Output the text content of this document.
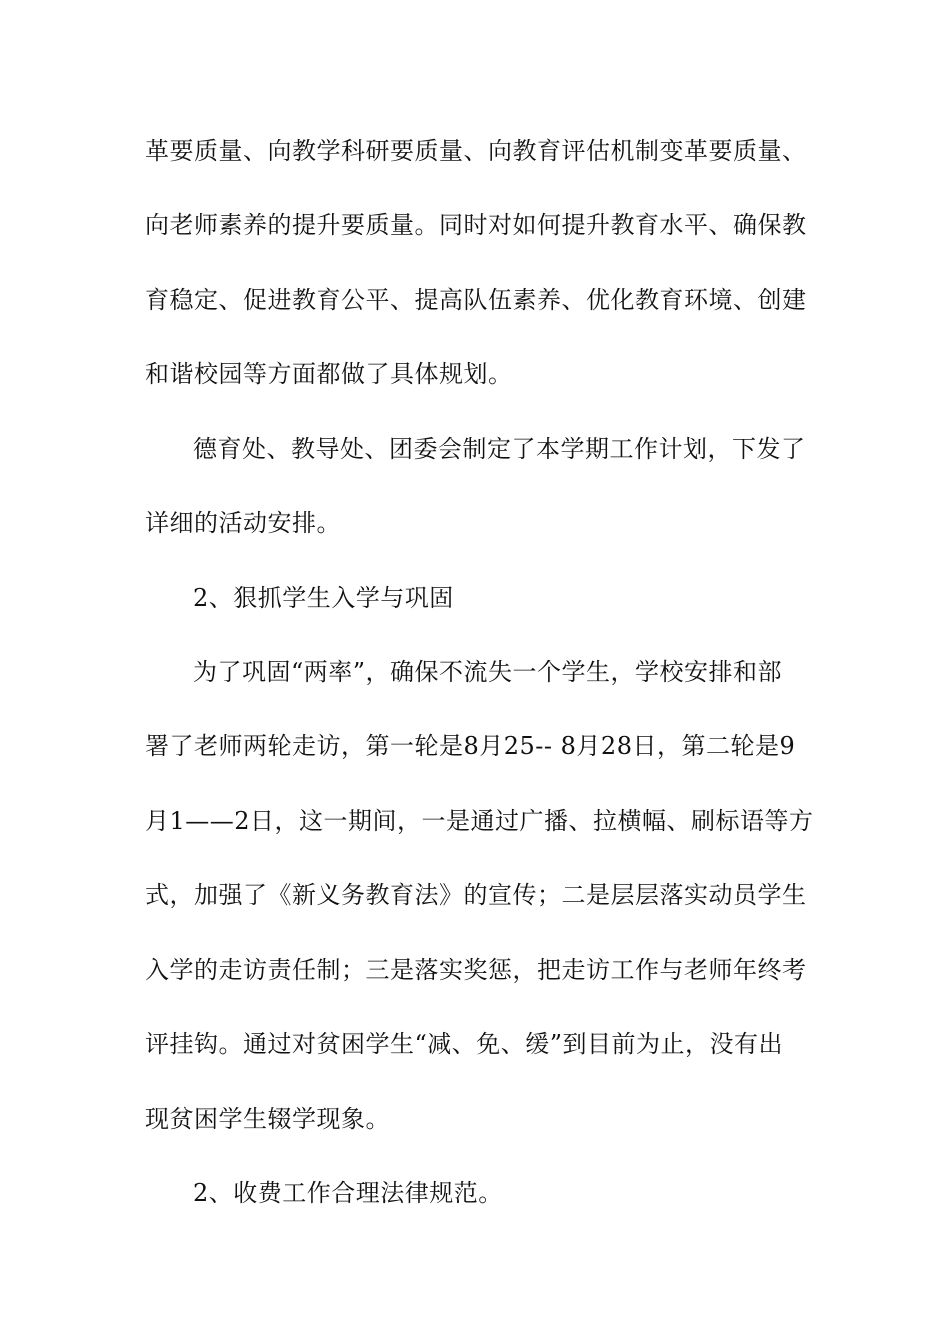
革要质量、向教学科研要质量、向教育评估机制变革要质量、
向老师素养的提升要质量。同时对如何提升教育水平、确保教
育稳定、促进教育公平、提高队伍素养、优化教育环境、创建
和谐校园等方面都做了具体规划。
德育处、教导处、团委会制定了本学期工作计划，下发了
详细的活动安排。
2、狠抓学生入学与巩固
为了巩固“两率”，确保不流失一个学生，学校安排和部
署了老师两轮走访，第一轮是8月25-- 8月28日，第二轮是9
月1——2日，这一期间，一是通过广播、拉横幅、刷标语等方
式，加强了《新义务教育法》的宣传；二是层层落实动员学生
入学的走访责任制；三是落实奖惩，把走访工作与老师年终考
评挂钩。通过对贫困学生“减、免、缓”到目前为止，没有出
现贫困学生辍学现象。
2、收费工作合理法律规范。
